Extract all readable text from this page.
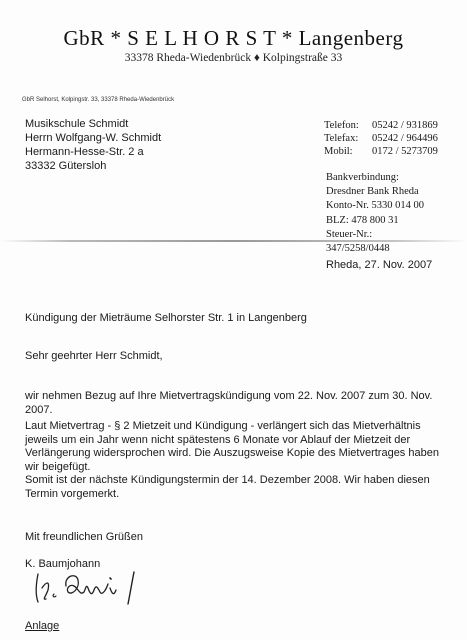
GbR * S E L H O R S T * Langenberg
33378 Rheda-Wiedenbrück ♦ Kolpingstraße 33
GbR Selhorst, Kolpingstr. 33, 33378 Rheda-Wiedenbrück
Musikschule Schmidt
Herrn Wolfgang-W. Schmidt
Hermann-Hesse-Str. 2 a
33332 Gütersloh
Telefon: 05242 / 931869
Telefax: 05242 / 964496
Mobil: 0172 / 5273709
Bankverbindung:
Dresdner Bank Rheda
Konto-Nr. 5330 014 00
BLZ: 478 800 31
Steuer-Nr.:
347/5258/0448
Rheda, 27. Nov. 2007
Kündigung der Mieträume Selhorster Str. 1 in Langenberg
Sehr geehrter Herr Schmidt,
wir nehmen Bezug auf Ihre Mietvertragskündigung vom 22. Nov. 2007 zum 30. Nov.
2007.
Laut Mietvertrag - § 2 Mietzeit und Kündigung - verlängert sich das Mietverhältnis
jeweils um ein Jahr wenn nicht spätestens 6 Monate vor Ablauf der Mietzeit der
Verlängerung widersprochen wird. Die Auszugsweise Kopie des Mietvertrages haben
wir beigefügt.
Somit ist der nächste Kündigungstermin der 14. Dezember 2008. Wir haben diesen
Termin vorgemerkt.
Mit freundlichen Grüßen
K. Baumjohann
Anlage
